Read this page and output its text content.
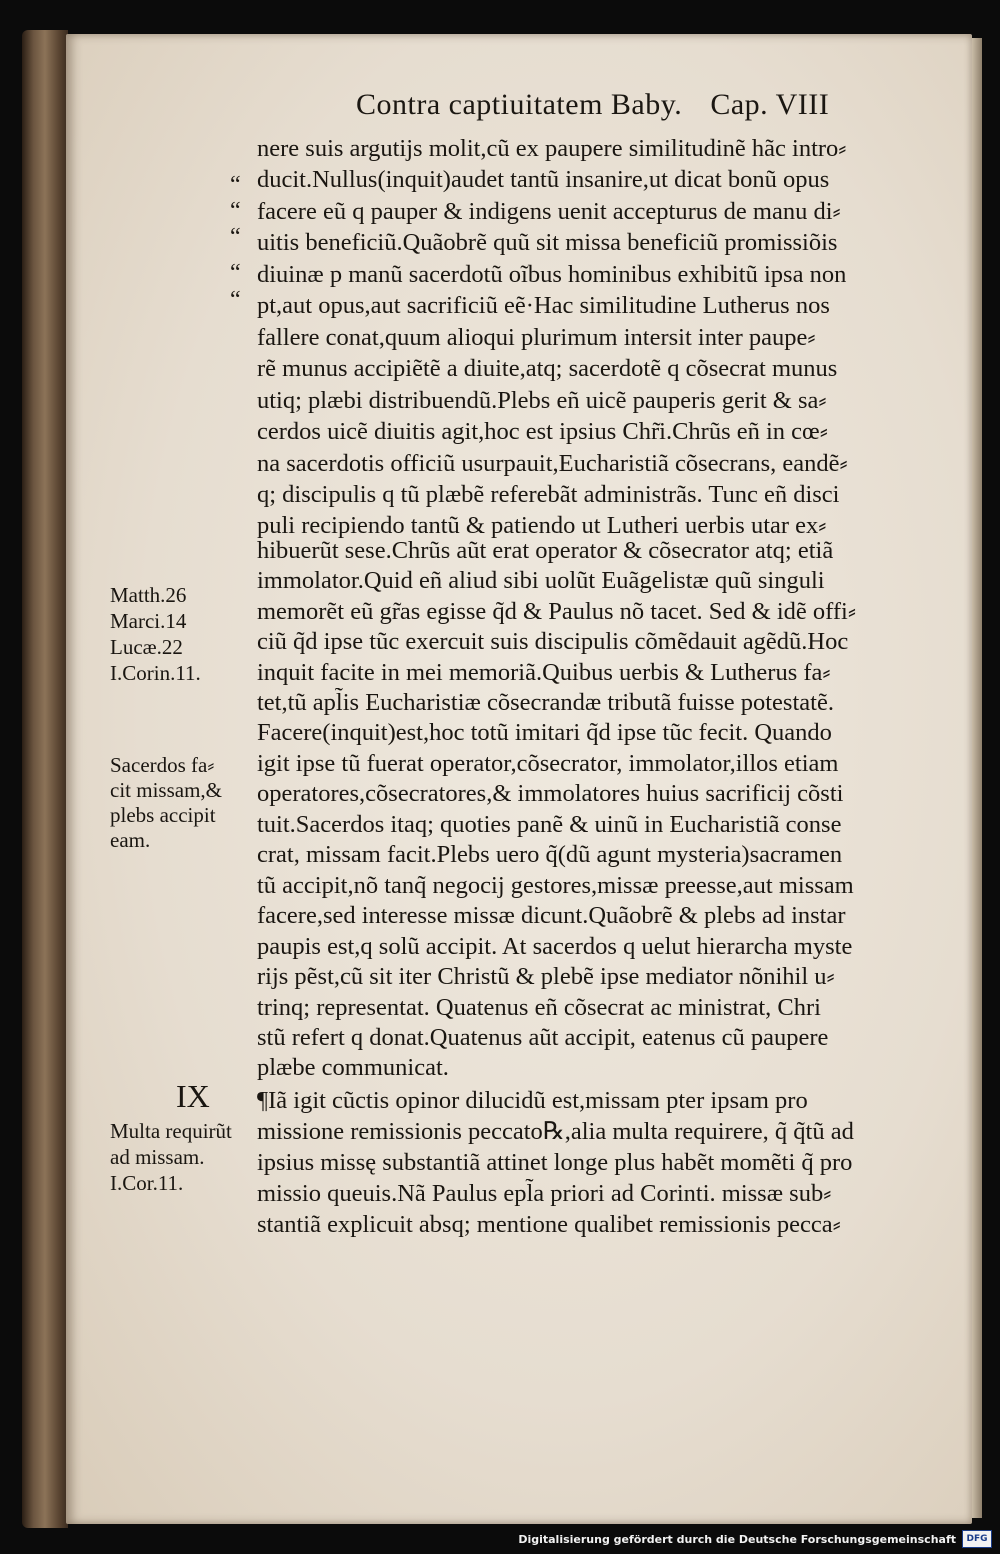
Contra captiuitatem Baby. Cap. VIII
“
“
“
“
“
nere suis argutijs molit,cũ ex paupere similitudinẽ hãc intro⸗
ducit.Nullus(inquit)audet tantũ insanire,ut dicat bonũ opus
facere eũ q pauper & indigens uenit accepturus de manu di⸗
uitis beneficiũ.Quãobrẽ quũ sit missa beneficiũ promissiõis
diuinæ p manũ sacerdotũ oĩbus hominibus exhibitũ ipsa non
pt,aut opus,aut sacrificiũ eẽ·Hac similitudine Lutherus nos
fallere conat,quum alioqui plurimum intersit inter paupe⸗
rẽ munus accipiẽtẽ a diuite,atq; sacerdotẽ q cõsecrat munus
utiq; plæbi distribuendũ.Plebs eñ uicẽ pauperis gerit & sa⸗
cerdos uicẽ diuitis agit,hoc est ipsius Chr̃i.Chrũs eñ in cœ⸗
na sacerdotis officiũ usurpauit,Eucharistiã cõsecrans, eandẽ⸗
q; discipulis q tũ plæbẽ referebãt administrãs. Tunc eñ disci
puli recipiendo tantũ & patiendo ut Lutheri uerbis utar ex⸗
hibuerũt sese.Chrũs aũt erat operator & cõsecrator atq; etiã
immolator.Quid eñ aliud sibi uolũt Euãgelistæ quũ singuli
memorẽt eũ gr̃as egisse q̃d & Paulus nõ tacet. Sed & idẽ offi⸗
ciũ q̃d ipse tũc exercuit suis discipulis cõmẽdauit agẽdũ.Hoc
inquit facite in mei memoriã.Quibus uerbis & Lutherus fa⸗
tet,tũ apl̃is Eucharistiæ cõsecrandæ tributã fuisse potestatẽ.
Facere(inquit)est,hoc totũ imitari q̃d ipse tũc fecit. Quando
igit ipse tũ fuerat operator,cõsecrator, immolator,illos etiam
operatores,cõsecratores,& immolatores huius sacrificij cõsti
tuit.Sacerdos itaq; quoties panẽ & uinũ in Eucharistiã conse
crat, missam facit.Plebs uero q̃(dũ agunt mysteria)sacramen
tũ accipit,nõ tanq̃ negocij gestores,missæ preesse,aut missam
facere,sed interesse missæ dicunt.Quãobrẽ & plebs ad instar
paupis est,q solũ accipit. At sacerdos q uelut hierarcha myste
rijs pẽst,cũ sit iter Christũ & plebẽ ipse mediator nõnihil u⸗
trinq; representat. Quatenus eñ cõsecrat ac ministrat, Chri
stũ refert q donat.Quatenus aũt accipit, eatenus cũ paupere
plæbe communicat.
¶Iã igit cũctis opinor dilucidũ est,missam pter ipsam pro
missione remissionis peccato℞,alia multa requirere, q̃ q̃tũ ad
ipsius missę substantiã attinet longe plus habẽt momẽti q̃ pro
missio queuis.Nã Paulus epl̃a priori ad Corinti. missæ sub⸗
stantiã explicuit absq; mentione qualibet remissionis pecca⸗
Matth.26
Marci.14
Lucæ.22
I.Corin.11.
Sacerdos fa⸗
cit missam,&
plebs accipit
eam.
IX
Multa requirũt
ad missam.
I.Cor.11.
Digitalisierung gefördert durch die Deutsche Forschungsgemeinschaft	DFG
